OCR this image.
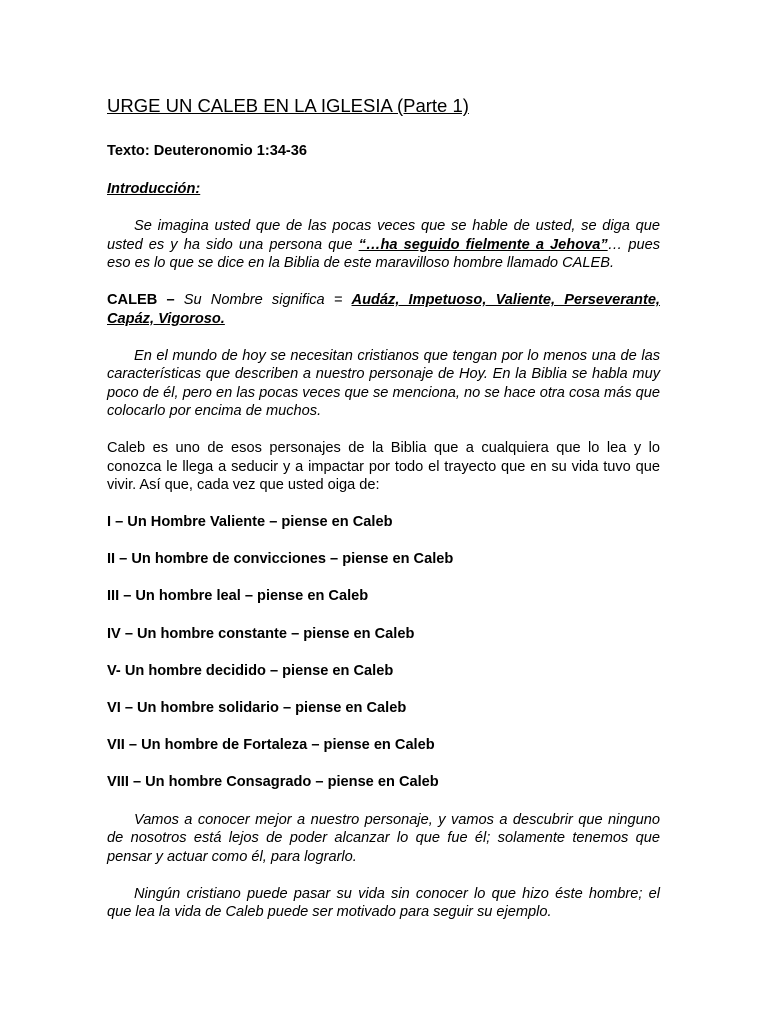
URGE UN CALEB EN LA IGLESIA (Parte 1)

Texto: Deuteronomio 1:34-36

Introducción:

Se imagina usted que de las pocas veces que se hable de usted, se diga que usted es y ha sido una persona que “…ha seguido fielmente a Jehova”… pues eso es lo que se dice en la Biblia de este maravilloso hombre llamado CALEB.

CALEB – Su Nombre significa = Audáz, Impetuoso, Valiente, Perseverante, Capáz, Vigoroso.

En el mundo de hoy se necesitan cristianos que tengan por lo menos una de las características que describen a nuestro personaje de Hoy. En la Biblia se habla muy poco de él, pero en las pocas veces que se menciona, no se hace otra cosa más que colocarlo por encima de muchos.

Caleb es uno de esos personajes de la Biblia que a cualquiera que lo lea y lo conozca le llega a seducir y a impactar por todo el trayecto que en su vida tuvo que vivir. Así que, cada vez que usted oiga de:

I – Un Hombre Valiente – piense en Caleb

II – Un hombre de convicciones – piense en Caleb

III – Un hombre leal – piense en Caleb

IV – Un hombre constante – piense en Caleb

V- Un hombre decidido – piense en Caleb

VI – Un hombre solidario – piense en Caleb

VII – Un hombre de Fortaleza – piense en Caleb

VIII – Un hombre Consagrado – piense en Caleb

Vamos a conocer mejor a nuestro personaje, y vamos a descubrir que ninguno de nosotros está lejos de poder alcanzar lo que fue él; solamente tenemos que pensar y actuar como él, para lograrlo.

Ningún cristiano puede pasar su vida sin conocer lo que hizo éste hombre; el que lea la vida de Caleb puede ser motivado para seguir su ejemplo.
